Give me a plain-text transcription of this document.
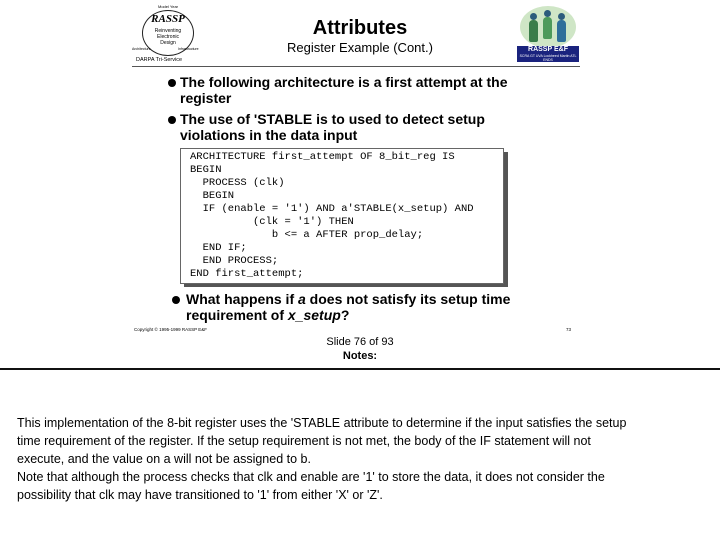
Model Year
RASSP
Reinventing
Electronic
Design
Architecture	Infrastructure
DARPA Tri-Service
Attributes
Register Example (Cont.)	RASSP E&F
SCRA GT UVA Lockheed Martin ATL ENDS
The following architecture is a first attempt at the
register
The use of 'STABLE is to used to detect setup
violations in the data input
ARCHITECTURE first_attempt OF 8_bit_reg IS
BEGIN
PROCESS (clk)
BEGIN
IF (enable = '1') AND a'STABLE(x_setup) AND
(clk = '1') THEN
b <= a AFTER prop_delay;
END IF;
END PROCESS;
END first_attempt;
What happens if a does not satisfy its setup time
requirement of x_setup?
Copyright © 1995-1999 RASSP E&F	73
Slide 76 of 93
Notes:
This implementation of the 8-bit register uses the 'STABLE attribute to determine if the input satisfies the setup
time requirement of the register. If the setup requirement is not met, the body of the IF statement will not
execute, and the value on a will not be assigned to b.
Note that although the process checks that clk and enable are '1' to store the data, it does not consider the
possibility that clk may have transitioned to '1' from either 'X' or 'Z'.
